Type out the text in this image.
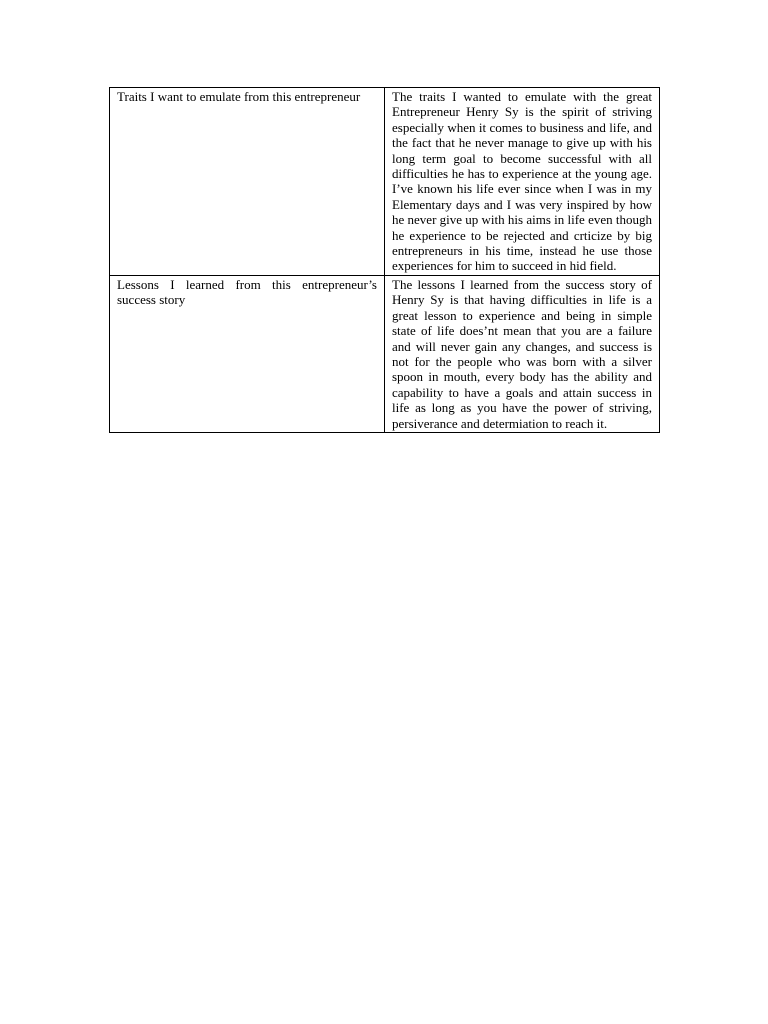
Traits I want to emulate from this entrepreneur	The traits I wanted to emulate with the great Entrepreneur Henry Sy is the spirit of striving especially when it comes to business and life, and the fact that he never manage to give up with his long term goal to become successful with all difficulties he has to experience at the young age. I’ve known his life ever since when I was in my Elementary days and I was very inspired by how he never give up with his aims in life even though he experience to be rejected and crticize by big entrepreneurs in his time, instead he use those experiences for him to succeed in hid field.

Lessons I learned from this entrepreneur’s success story	The lessons I learned from the success story of Henry Sy is that having difficulties in life is a great lesson to experience and being in simple state of life does’nt mean that you are a failure and will never gain any changes, and success is not for the people who was born with a silver spoon in mouth, every body has the ability and capability to have a goals and attain success in life as long as you have the power of striving, persiverance and determiation to reach it.
